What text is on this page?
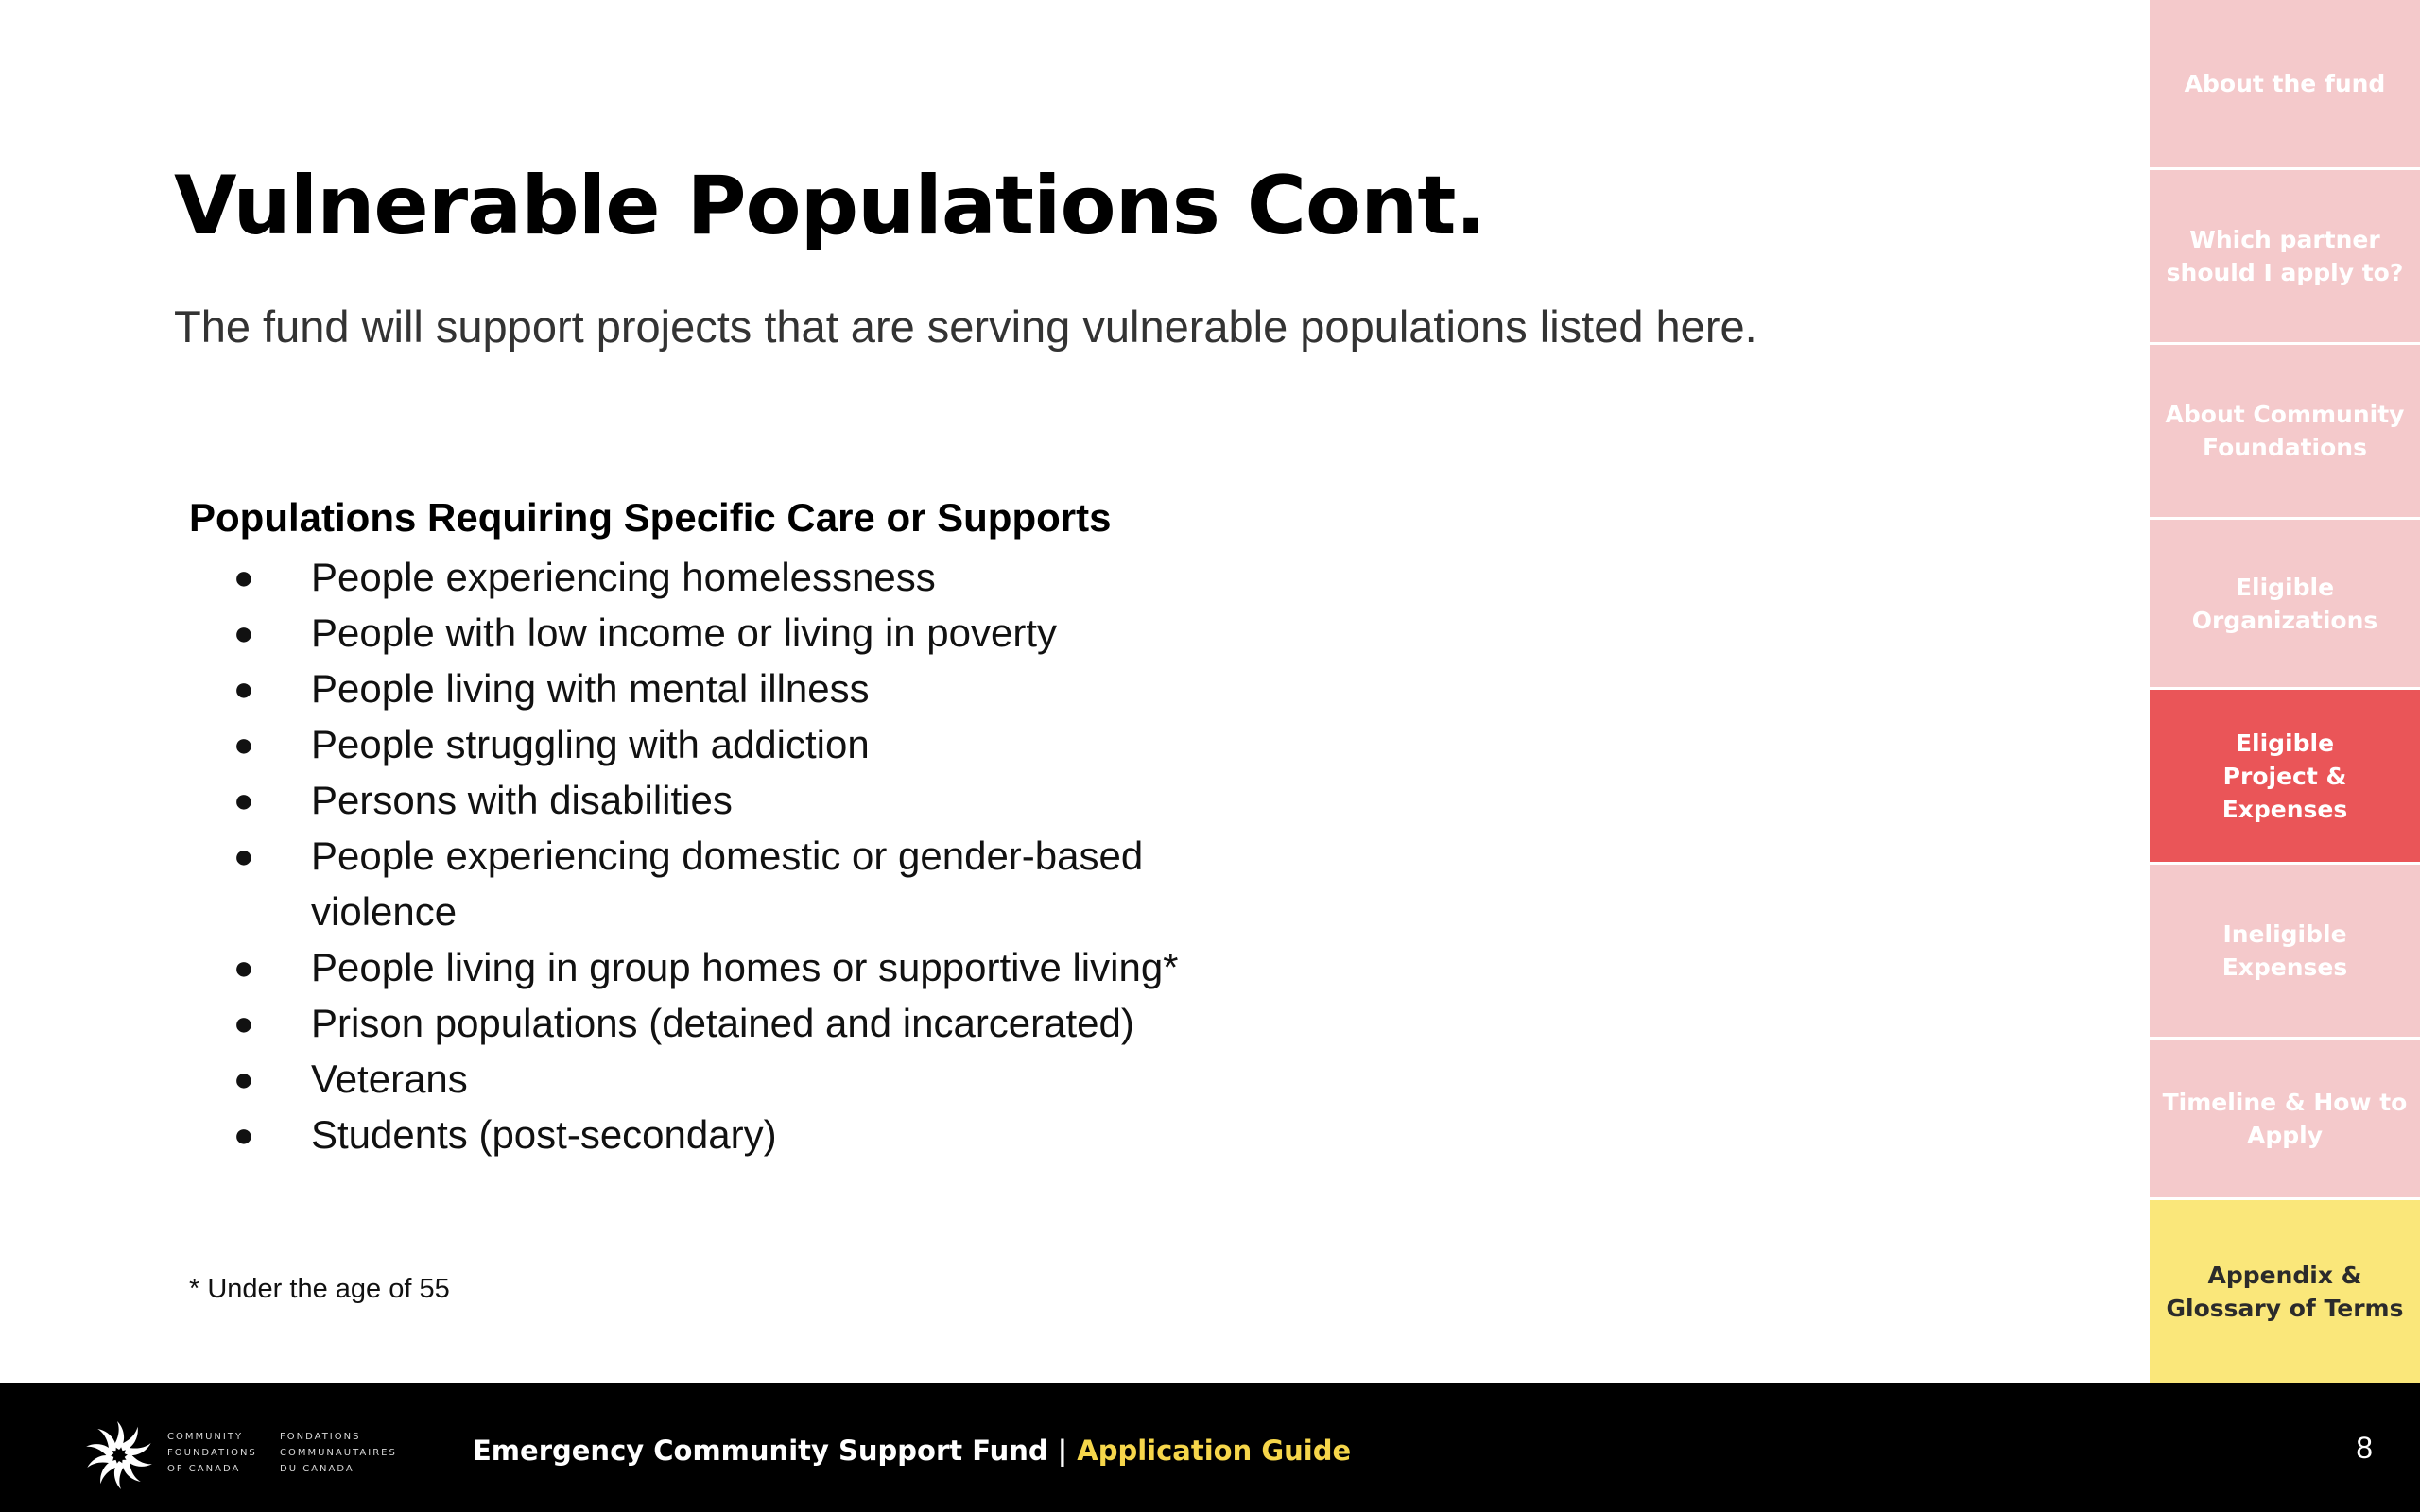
Vulnerable Populations Cont.

The fund will support projects that are serving vulnerable populations listed here.

Populations Requiring Specific Care or Supports

● People experiencing homelessness
● People with low income or living in poverty
● People living with mental illness
● People struggling with addiction
● Persons with disabilities
● People experiencing domestic or gender-based violence
● People living in group homes or supportive living*
● Prison populations (detained and incarcerated)
● Veterans
● Students (post-secondary)

* Under the age of 55

About the fund
Which partner
should I apply to?
About Community
Foundations
Eligible
Organizations
Eligible
Project & Expenses
Ineligible Expenses
Timeline & How to
Apply
Appendix &
Glossary of Terms

COMMUNITY
FOUNDATIONS
OF CANADA

FONDATIONS
COMMUNAUTAIRES
DU CANADA

Emergency Community Support Fund | Application Guide	8
